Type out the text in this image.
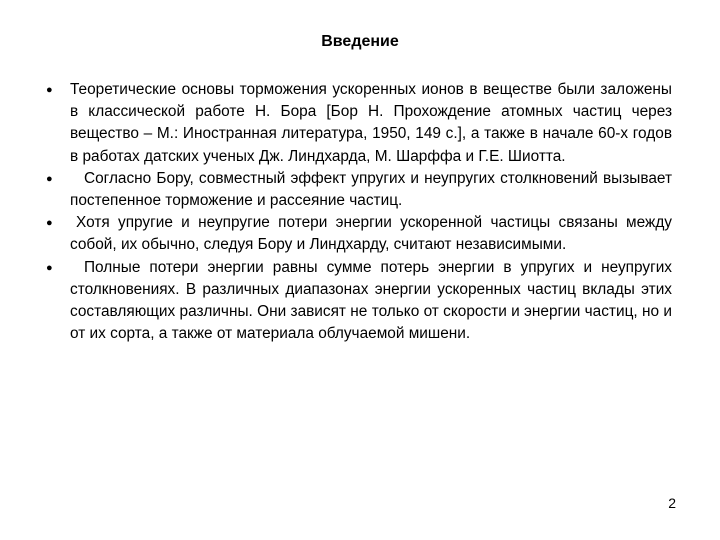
Введение
●	Теоретические основы торможения ускоренных ионов в веществе были заложены в классической работе Н. Бора [Бор Н. Прохождение атомных частиц через вещество – М.: Иностранная литература, 1950, 149 с.], а также в начале 60-х годов в работах датских ученых Дж. Линдхарда, М. Шарффа и Г.Е. Шиотта.
●	Согласно Бору, совместный эффект упругих и неупругих столкновений вызывает постепенное торможение и рассеяние частиц.
●	Хотя упругие и неупругие потери энергии ускоренной частицы связаны между собой, их обычно, следуя Бору и Линдхарду, считают независимыми.
●	Полные потери энергии равны сумме потерь энергии в упругих и неупругих столкновениях. В различных диапазонах энергии ускоренных частиц вклады этих составляющих различны. Они зависят не только от скорости и энергии частиц, но и от их сорта, а также от материала облучаемой мишени.
2
